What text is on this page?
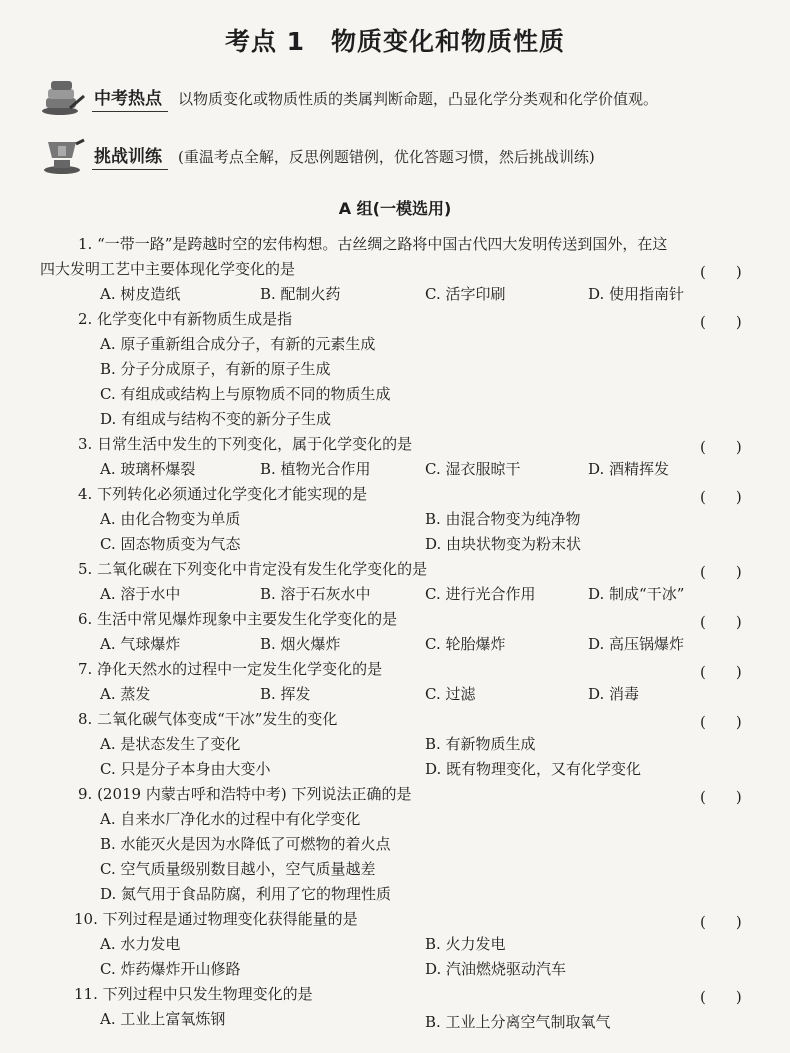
考点 1 物质变化和物质性质
中考热点	以物质变化或物质性质的类属判断命题，凸显化学分类观和化学价值观。
挑战训练	(重温考点全解，反思例题错例，优化答题习惯，然后挑战训练)
A 组(一模选用)
1. “一带一路”是跨越时空的宏伟构想。古丝绸之路将中国古代四大发明传送到国外，在这
四大发明工艺中主要体现化学变化的是	(　　)
A. 树皮造纸	B. 配制火药	C. 活字印刷	D. 使用指南针
2. 化学变化中有新物质生成是指	(　　)
A. 原子重新组合成分子，有新的元素生成
B. 分子分成原子，有新的原子生成
C. 有组成或结构上与原物质不同的物质生成
D. 有组成与结构不变的新分子生成
3. 日常生活中发生的下列变化，属于化学变化的是	(　　)
A. 玻璃杯爆裂	B. 植物光合作用	C. 湿衣服晾干	D. 酒精挥发
4. 下列转化必须通过化学变化才能实现的是	(　　)
A. 由化合物变为单质	B. 由混合物变为纯净物
C. 固态物质变为气态	D. 由块状物变为粉末状
5. 二氧化碳在下列变化中肯定没有发生化学变化的是	(　　)
A. 溶于水中	B. 溶于石灰水中	C. 进行光合作用	D. 制成“干冰”
6. 生活中常见爆炸现象中主要发生化学变化的是	(　　)
A. 气球爆炸	B. 烟火爆炸	C. 轮胎爆炸	D. 高压锅爆炸
7. 净化天然水的过程中一定发生化学变化的是	(　　)
A. 蒸发	B. 挥发	C. 过滤	D. 消毒
8. 二氧化碳气体变成“干冰”发生的变化	(　　)
A. 是状态发生了变化	B. 有新物质生成
C. 只是分子本身由大变小	D. 既有物理变化，又有化学变化
9. (2019 内蒙古呼和浩特中考) 下列说法正确的是	(　　)
A. 自来水厂净化水的过程中有化学变化
B. 水能灭火是因为水降低了可燃物的着火点
C. 空气质量级别数目越小，空气质量越差
D. 氮气用于食品防腐，利用了它的物理性质
10. 下列过程是通过物理变化获得能量的是	(　　)
A. 水力发电	B. 火力发电
C. 炸药爆炸开山修路	D. 汽油燃烧驱动汽车
11. 下列过程中只发生物理变化的是	(　　)
A. 工业上富氧炼钢	B. 工业上分离空气制取氧气
